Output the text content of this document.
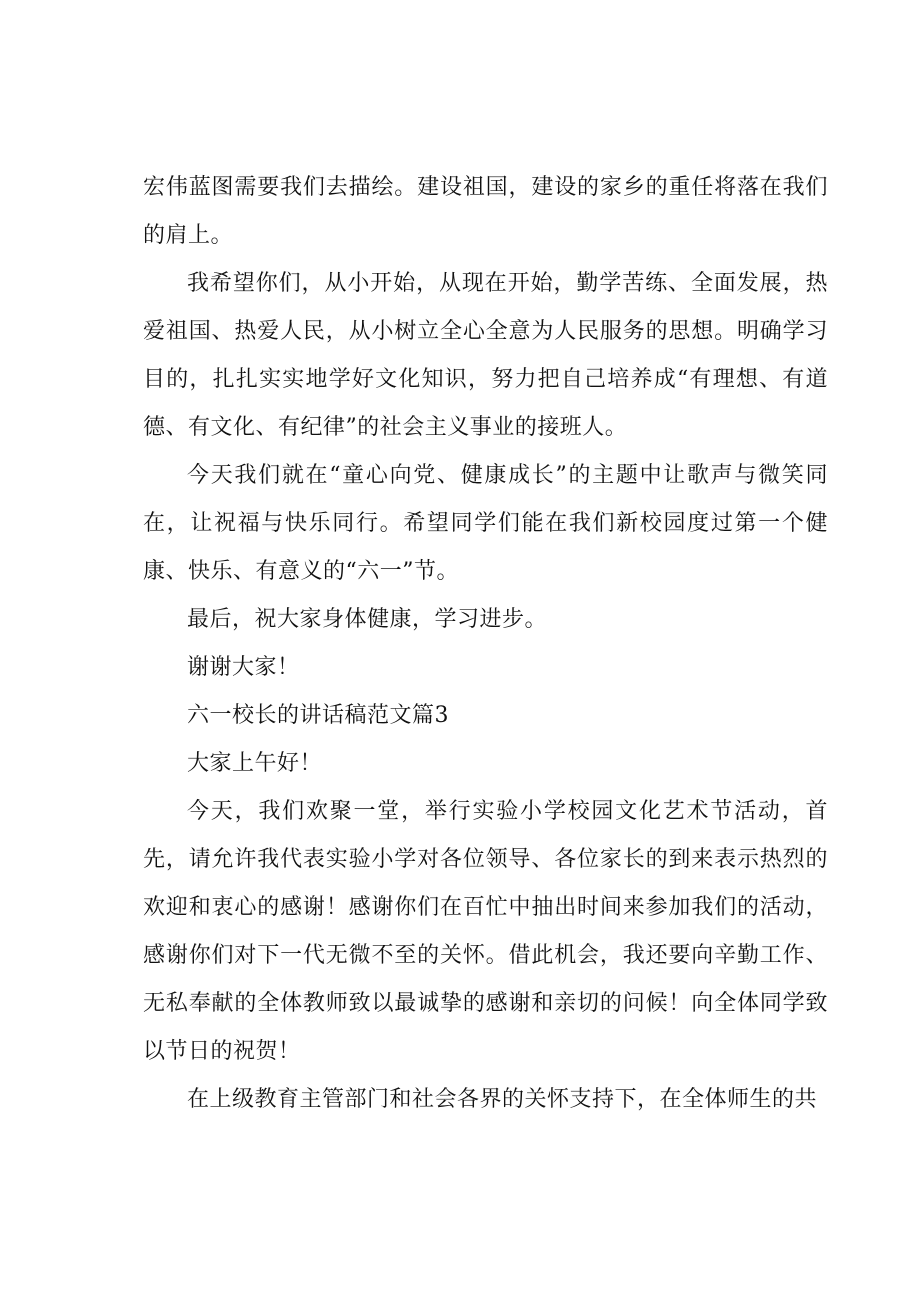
宏伟蓝图需要我们去描绘。建设祖国，建设的家乡的重任将落在我们的肩上。

我希望你们，从小开始，从现在开始，勤学苦练、全面发展，热爱祖国、热爱人民，从小树立全心全意为人民服务的思想。明确学习目的，扎扎实实地学好文化知识，努力把自己培养成“有理想、有道德、有文化、有纪律”的社会主义事业的接班人。

今天我们就在“童心向党、健康成长”的主题中让歌声与微笑同在，让祝福与快乐同行。希望同学们能在我们新校园度过第一个健康、快乐、有意义的“六一”节。

最后，祝大家身体健康，学习进步。

谢谢大家！

六一校长的讲话稿范文篇3

大家上午好！

今天，我们欢聚一堂，举行实验小学校园文化艺术节活动，首先，请允许我代表实验小学对各位领导、各位家长的到来表示热烈的欢迎和衷心的感谢！感谢你们在百忙中抽出时间来参加我们的活动，感谢你们对下一代无微不至的关怀。借此机会，我还要向辛勤工作、无私奉献的全体教师致以最诚挚的感谢和亲切的问候！向全体同学致以节日的祝贺！

在上级教育主管部门和社会各界的关怀支持下，在全体师生的共
